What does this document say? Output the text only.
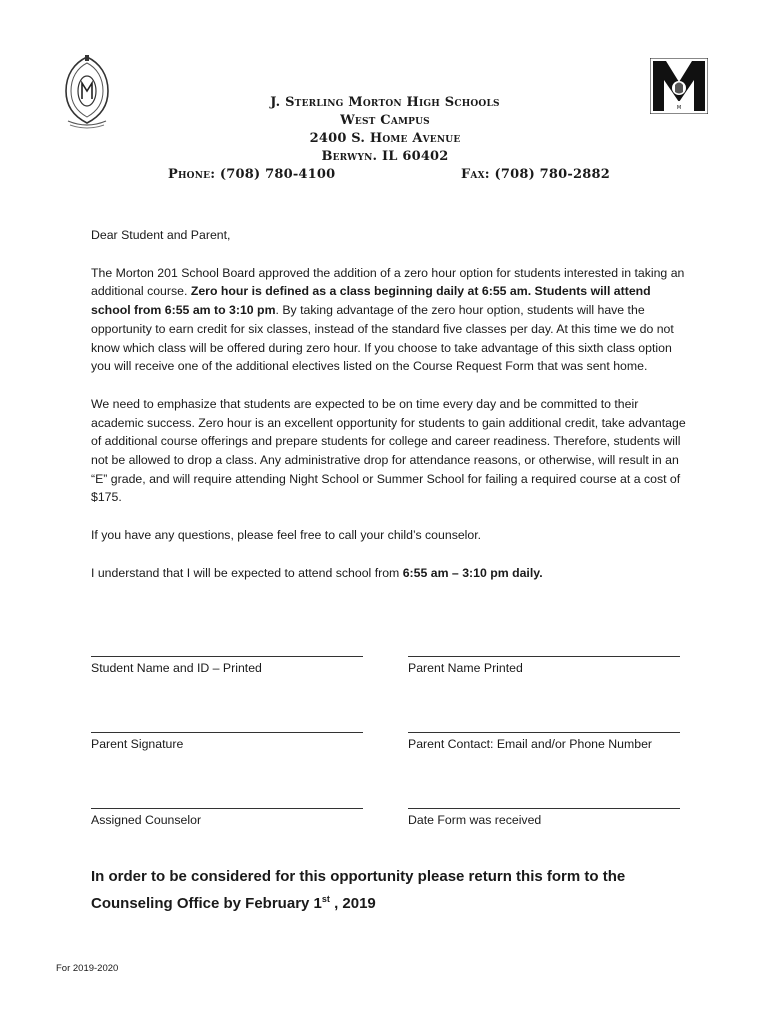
M
J. Sterling Morton High Schools
West Campus
2400 S. Home Avenue
Berwyn. IL 60402
Phone: (708) 780-4100	Fax: (708) 780-2882

Dear Student and Parent,

The Morton 201 School Board approved the addition of a zero hour option for students interested in taking an additional course. Zero hour is defined as a class beginning daily at 6:55 am. Students will attend school from 6:55 am to 3:10 pm. By taking advantage of the zero hour option, students will have the opportunity to earn credit for six classes, instead of the standard five classes per day. At this time we do not know which class will be offered during zero hour. If you choose to take advantage of this sixth class option you will receive one of the additional electives listed on the Course Request Form that was sent home.

We need to emphasize that students are expected to be on time every day and be committed to their academic success. Zero hour is an excellent opportunity for students to gain additional credit, take advantage of additional course offerings and prepare students for college and career readiness. Therefore, students will not be allowed to drop a class. Any administrative drop for attendance reasons, or otherwise, will result in an “E” grade, and will require attending Night School or Summer School for failing a required course at a cost of $175.

If you have any questions, please feel free to call your child’s counselor.

I understand that I will be expected to attend school from 6:55 am – 3:10 pm daily.

Student Name and ID – Printed	Parent Name Printed
Parent Signature	Parent Contact: Email and/or Phone Number
Assigned Counselor	Date Form was received
In order to be considered for this opportunity please return this form to the Counseling Office by February 1st , 2019
For 2019-2020
